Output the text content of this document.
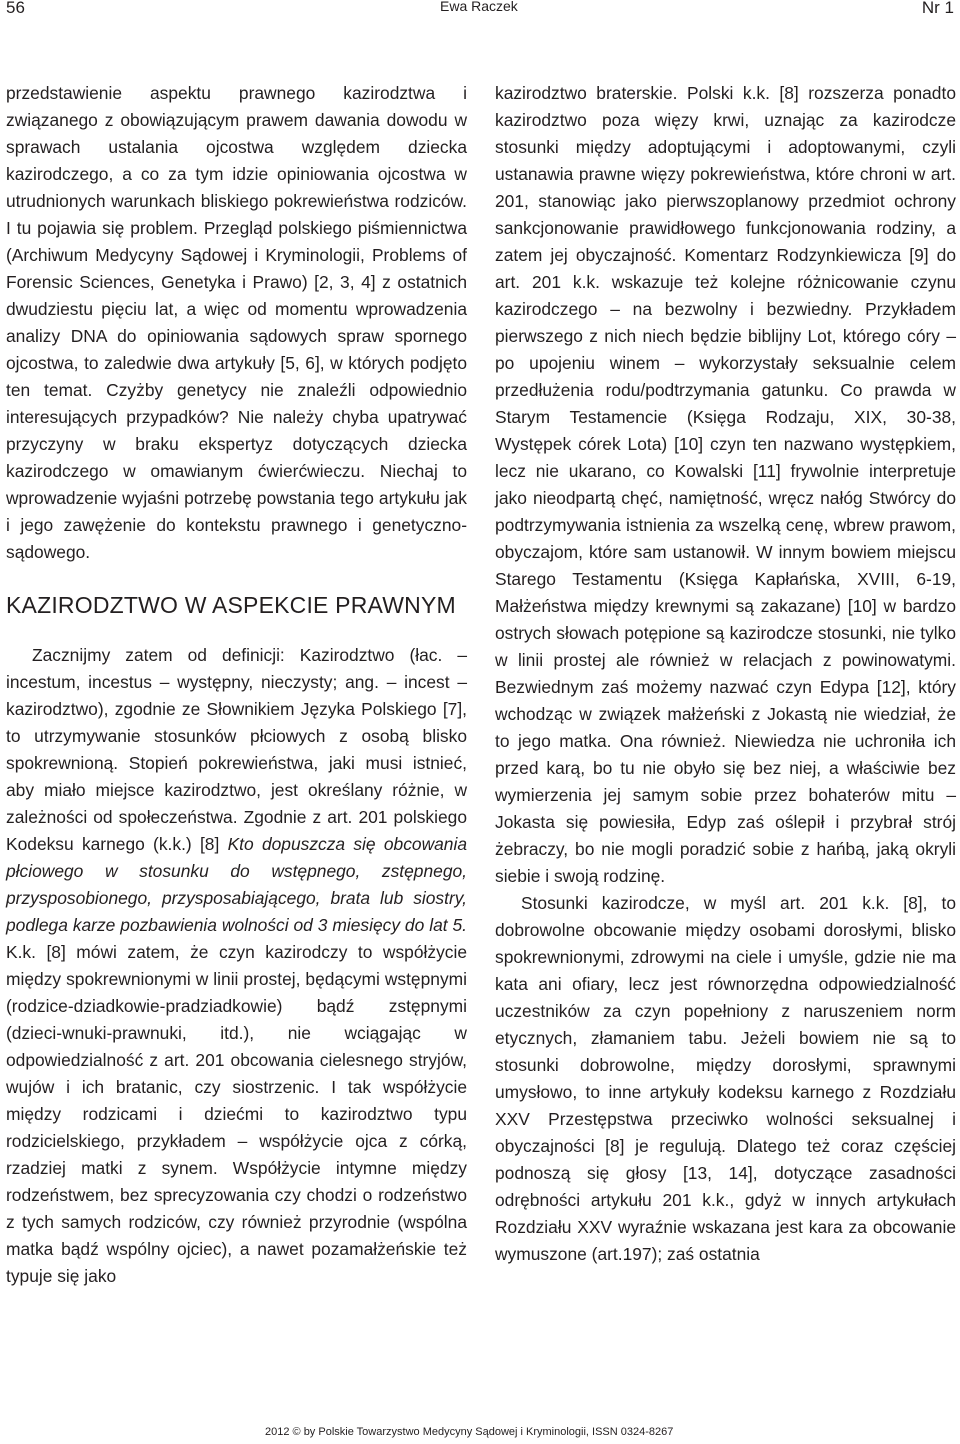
56	Ewa Raczek	Nr 1

przedstawienie aspektu prawnego kazirodztwa i związanego z obowiązującym prawem dawania dowodu w sprawach ustalania ojcostwa względem dziecka kazirodczego, a co za tym idzie opiniowania ojcostwa w utrudnionych warunkach bliskiego pokrewieństwa rodziców. I tu pojawia się problem. Przegląd polskiego piśmiennictwa (Archiwum Medycyny Sądowej i Kryminologii, Problems of Forensic Sciences, Genetyka i Prawo) [2, 3, 4] z ostatnich dwudziestu pięciu lat, a więc od momentu wprowadzenia analizy DNA do opiniowania sądowych spraw spornego ojcostwa, to zaledwie dwa artykuły [5, 6], w których podjęto ten temat. Czyżby genetycy nie znaleźli odpowiednio interesujących przypadków? Nie należy chyba upatrywać przyczyny w braku ekspertyz dotyczących dziecka kazirodczego w omawianym ćwierćwieczu. Niechaj to wprowadzenie wyjaśni potrzebę powstania tego artykułu jak i jego zawężenie do kontekstu prawnego i genetyczno-sądowego.

KAZIRODZTWO W ASPEKCIE PRAWNYM

Zacznijmy zatem od definicji: Kazirodztwo (łac. – incestum, incestus – występny, nieczysty; ang. – incest – kazirodztwo), zgodnie ze Słownikiem Języka Polskiego [7], to utrzymywanie stosunków płciowych z osobą blisko spokrewnioną. Stopień pokrewieństwa, jaki musi istnieć, aby miało miejsce kazirodztwo, jest określany różnie, w zależności od społeczeństwa. Zgodnie z art. 201 polskiego Kodeksu karnego (k.k.) [8] Kto dopuszcza się obcowania płciowego w stosunku do wstępnego, zstępnego, przysposobionego, przysposabiającego, brata lub siostry, podlega karze pozbawienia wolności od 3 miesięcy do lat 5. K.k. [8] mówi zatem, że czyn kazirodczy to współżycie między spokrewnionymi w linii prostej, będącymi wstępnymi (rodzice-dziadkowie-pradziadkowie) bądź zstępnymi (dzieci-wnuki-prawnuki, itd.), nie wciągając w odpowiedzialność z art. 201 obcowania cielesnego stryjów, wujów i ich bratanic, czy siostrzenic. I tak współżycie między rodzicami i dziećmi to kazirodztwo typu rodzicielskiego, przykładem – współżycie ojca z córką, rzadziej matki z synem. Współżycie intymne między rodzeństwem, bez sprecyzowania czy chodzi o rodzeństwo z tych samych rodziców, czy również przyrodnie (wspólna matka bądź wspólny ojciec), a nawet pozamałżeńskie też typuje się jako

kazirodztwo braterskie. Polski k.k. [8] rozszerza ponadto kazirodztwo poza więzy krwi, uznając za kazirodcze stosunki między adoptującymi i adoptowanymi, czyli ustanawia prawne więzy pokrewieństwa, które chroni w art. 201, stanowiąc jako pierwszoplanowy przedmiot ochrony sankcjonowanie prawidłowego funkcjonowania rodziny, a zatem jej obyczajność. Komentarz Rodzynkiewicza [9] do art. 201 k.k. wskazuje też kolejne różnicowanie czynu kazirodczego – na bezwolny i bezwiedny. Przykładem pierwszego z nich niech będzie biblijny Lot, którego córy – po upojeniu winem – wykorzystały seksualnie celem przedłużenia rodu/podtrzymania gatunku. Co prawda w Starym Testamencie (Księga Rodzaju, XIX, 30-38, Występek córek Lota) [10] czyn ten nazwano występkiem, lecz nie ukarano, co Kowalski [11] frywolnie interpretuje jako nieodpartą chęć, namiętność, wręcz nałóg Stwórcy do podtrzymywania istnienia za wszelką cenę, wbrew prawom, obyczajom, które sam ustanowił. W innym bowiem miejscu Starego Testamentu (Księga Kapłańska, XVIII, 6-19, Małżeństwa między krewnymi są zakazane) [10] w bardzo ostrych słowach potępione są kazirodcze stosunki, nie tylko w linii prostej ale również w relacjach z powinowatymi. Bezwiednym zaś możemy nazwać czyn Edypa [12], który wchodząc w związek małżeński z Jokastą nie wiedział, że to jego matka. Ona również. Niewiedza nie uchroniła ich przed karą, bo tu nie obyło się bez niej, a właściwie bez wymierzenia jej samym sobie przez bohaterów mitu – Jokasta się powiesiła, Edyp zaś oślepił i przybrał strój żebraczy, bo nie mogli poradzić sobie z hańbą, jaką okryli siebie i swoją rodzinę.

Stosunki kazirodcze, w myśl art. 201 k.k. [8], to dobrowolne obcowanie między osobami dorosłymi, blisko spokrewnionymi, zdrowymi na ciele i umyśle, gdzie nie ma kata ani ofiary, lecz jest równorzędna odpowiedzialność uczestników za czyn popełniony z naruszeniem norm etycznych, złamaniem tabu. Jeżeli bowiem nie są to stosunki dobrowolne, między dorosłymi, sprawnymi umysłowo, to inne artykuły kodeksu karnego z Rozdziału XXV Przestępstwa przeciwko wolności seksualnej i obyczajności [8] je regulują. Dlatego też coraz częściej podnoszą się głosy [13, 14], dotyczące zasadności odrębności artykułu 201 k.k., gdyż w innych artykułach Rozdziału XXV wyraźnie wskazana jest kara za obcowanie wymuszone (art.197); zaś ostatnia

2012 © by Polskie Towarzystwo Medycyny Sądowej i Kryminologii, ISSN 0324-8267
